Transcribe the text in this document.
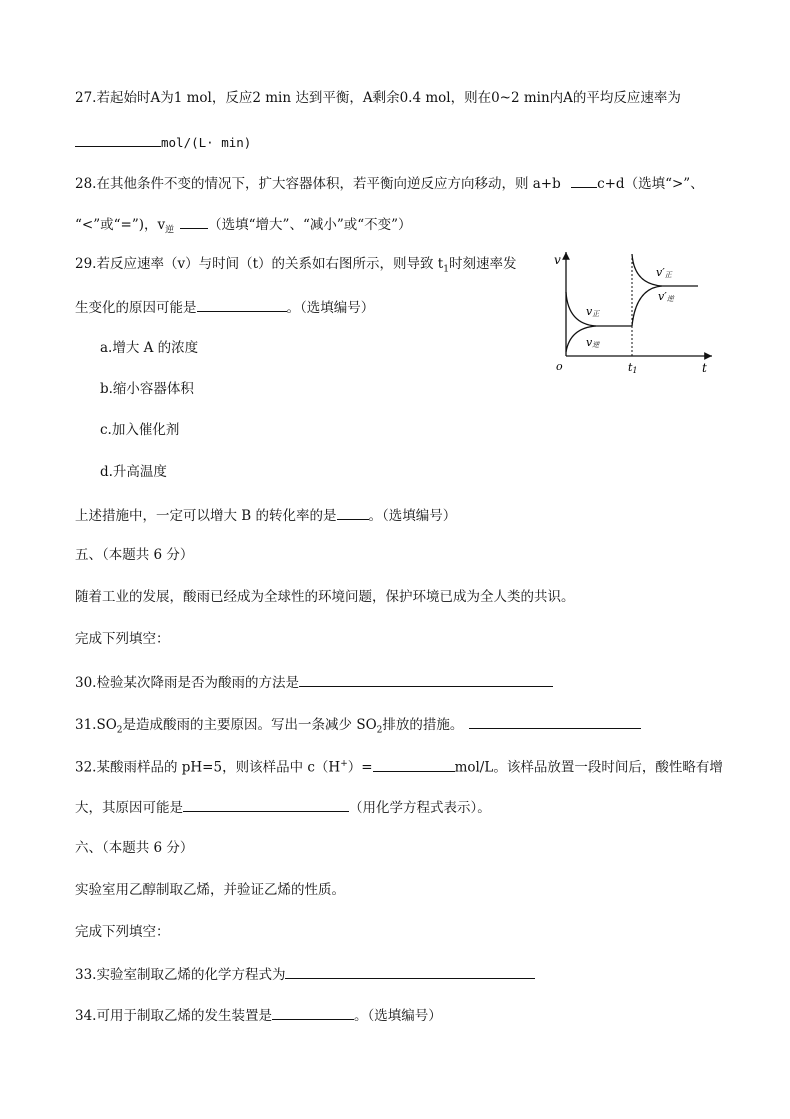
27.若起始时A为1 mol，反应2 min 达到平衡，A剩余0.4 mol，则在0~2 min内A的平均反应速率为
mol/(L· min)
28.在其他条件不变的情况下，扩大容器体积，若平衡向逆反应方向移动，则 a+b c+d（选填“>”、
“<”或“=”)，$v_逆$	（选填“增大”、“减小”或“不变”）
29.若反应速率（v）与时间（t）的关系如右图所示，则导致 $t_1$时刻速率发
生变化的原因可能是	。（选填编号）
a.增大 A 的浓度
b.缩小容器体积
c.加入催化剂
d.升高温度
上述措施中，一定可以增大 B 的转化率的是 。（选填编号）
v
t
o	t1
v正
v逆
v′正
v′逆
五、（本题共 6 分）
随着工业的发展，酸雨已经成为全球性的环境问题，保护环境已成为全人类的共识。
完成下列填空：
30.检验某次降雨是否为酸雨的方法是
$31.SO_2$是造成酸雨的主要原因。写出一条减少 $SO_2$排放的措施。
32.某酸雨样品的 pH=5，则该样品中 c（H+）=	mol/L。该样品放置一段时间后，酸性略有增
大，其原因可能是	（用化学方程式表示）。
六、（本题共 6 分）
实验室用乙醇制取乙烯，并验证乙烯的性质。
完成下列填空：
33.实验室制取乙烯的化学方程式为
34.可用于制取乙烯的发生装置是	。（选填编号）
